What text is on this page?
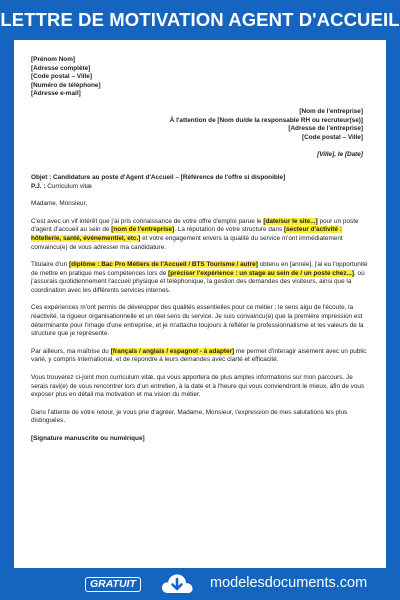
LETTRE DE MOTIVATION AGENT D'ACCUEIL
[Prénom Nom]
[Adresse complète]
[Code postal – Ville]
[Numéro de téléphone]
[Adresse e-mail]
[Nom de l'entreprise]
À l'attention de [Nom du/de la responsable RH ou recruteur(se)]
[Adresse de l'entreprise]
[Code postal – Ville]
[Ville], le [Date]
Objet : Candidature au poste d'Agent d'Accueil – [Référence de l'offre si disponible]
P.J. : Curriculum vitæ
Madame, Monsieur,

C'est avec un vif intérêt que j'ai pris connaissance de votre offre d'emploi parue le [date/sur le site...] pour un poste d'agent d'accueil au sein de [nom de l'entreprise]. La réputation de votre structure dans [secteur d'activité : hôtellerie, santé, événementiel, etc.] et votre engagement envers la qualité du service m'ont immédiatement convaincu(e) de vous adresser ma candidature.

Titulaire d'un [diplôme : Bac Pro Métiers de l'Accueil / BTS Tourisme / autre] obtenu en [année], j'ai eu l'opportunité de mettre en pratique mes compétences lors de [préciser l'expérience : un stage au sein de / un poste chez...], où j'assurais quotidiennement l'accueil physique et téléphonique, la gestion des demandes des visiteurs, ainsi que la coordination avec les différents services internes.

Ces expériences m'ont permis de développer des qualités essentielles pour ce métier : le sens aigu de l'écoute, la réactivité, la rigueur organisationnelle et un réel sens du service. Je suis convaincu(e) que la première impression est déterminante pour l'image d'une entreprise, et je m'attache toujours à refléter le professionnalisme et les valeurs de la structure que je représente.

Par ailleurs, ma maîtrise du [français / anglais / espagnol - à adapter] me permet d'interagir aisément avec un public varié, y compris international, et de répondre à leurs demandes avec clarté et efficacité.

Vous trouverez ci-joint mon curriculum vitæ, qui vous apportera de plus amples informations sur mon parcours. Je serais ravi(e) de vous rencontrer lors d'un entretien, à la date et à l'heure qui vous conviendront le mieux, afin de vous exposer plus en détail ma motivation et ma vision du métier.

Dans l'attente de votre retour, je vous prie d'agréer, Madame, Monsieur, l'expression de mes salutations les plus distinguées.

[Signature manuscrite ou numérique]
GRATUIT	modelesdocuments.com
